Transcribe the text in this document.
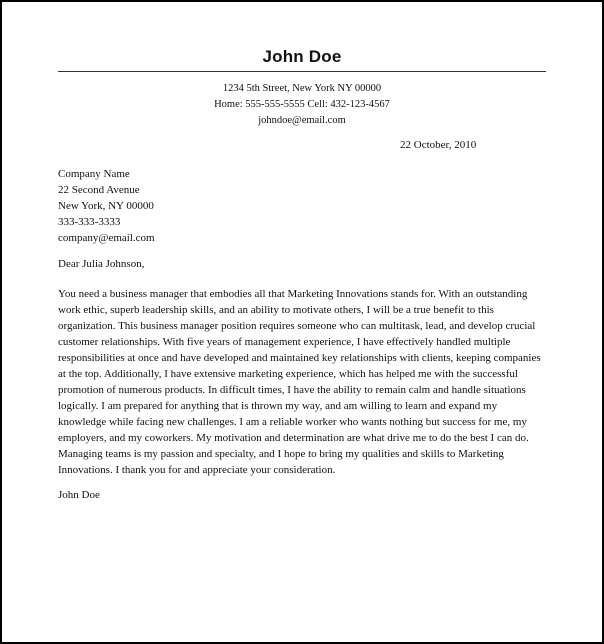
John Doe
1234 5th Street, New York NY 00000
Home: 555-555-5555 Cell: 432-123-4567
johndoe@email.com
22 October, 2010
Company Name
22 Second Avenue
New York, NY 00000
333-333-3333
company@email.com
Dear Julia Johnson,
You need a business manager that embodies all that Marketing Innovations stands for. With an outstanding
work ethic, superb leadership skills, and an ability to motivate others, I will be a true benefit to this
organization. This business manager position requires someone who can multitask, lead, and develop crucial
customer relationships. With five years of management experience, I have effectively handled multiple
responsibilities at once and have developed and maintained key relationships with clients, keeping companies
at the top. Additionally, I have extensive marketing experience, which has helped me with the successful
promotion of numerous products. In difficult times, I have the ability to remain calm and handle situations
logically. I am prepared for anything that is thrown my way, and am willing to learn and expand my
knowledge while facing new challenges. I am a reliable worker who wants nothing but success for me, my
employers, and my coworkers. My motivation and determination are what drive me to do the best I can do.
Managing teams is my passion and specialty, and I hope to bring my qualities and skills to Marketing
Innovations. I thank you for and appreciate your consideration.
John Doe
